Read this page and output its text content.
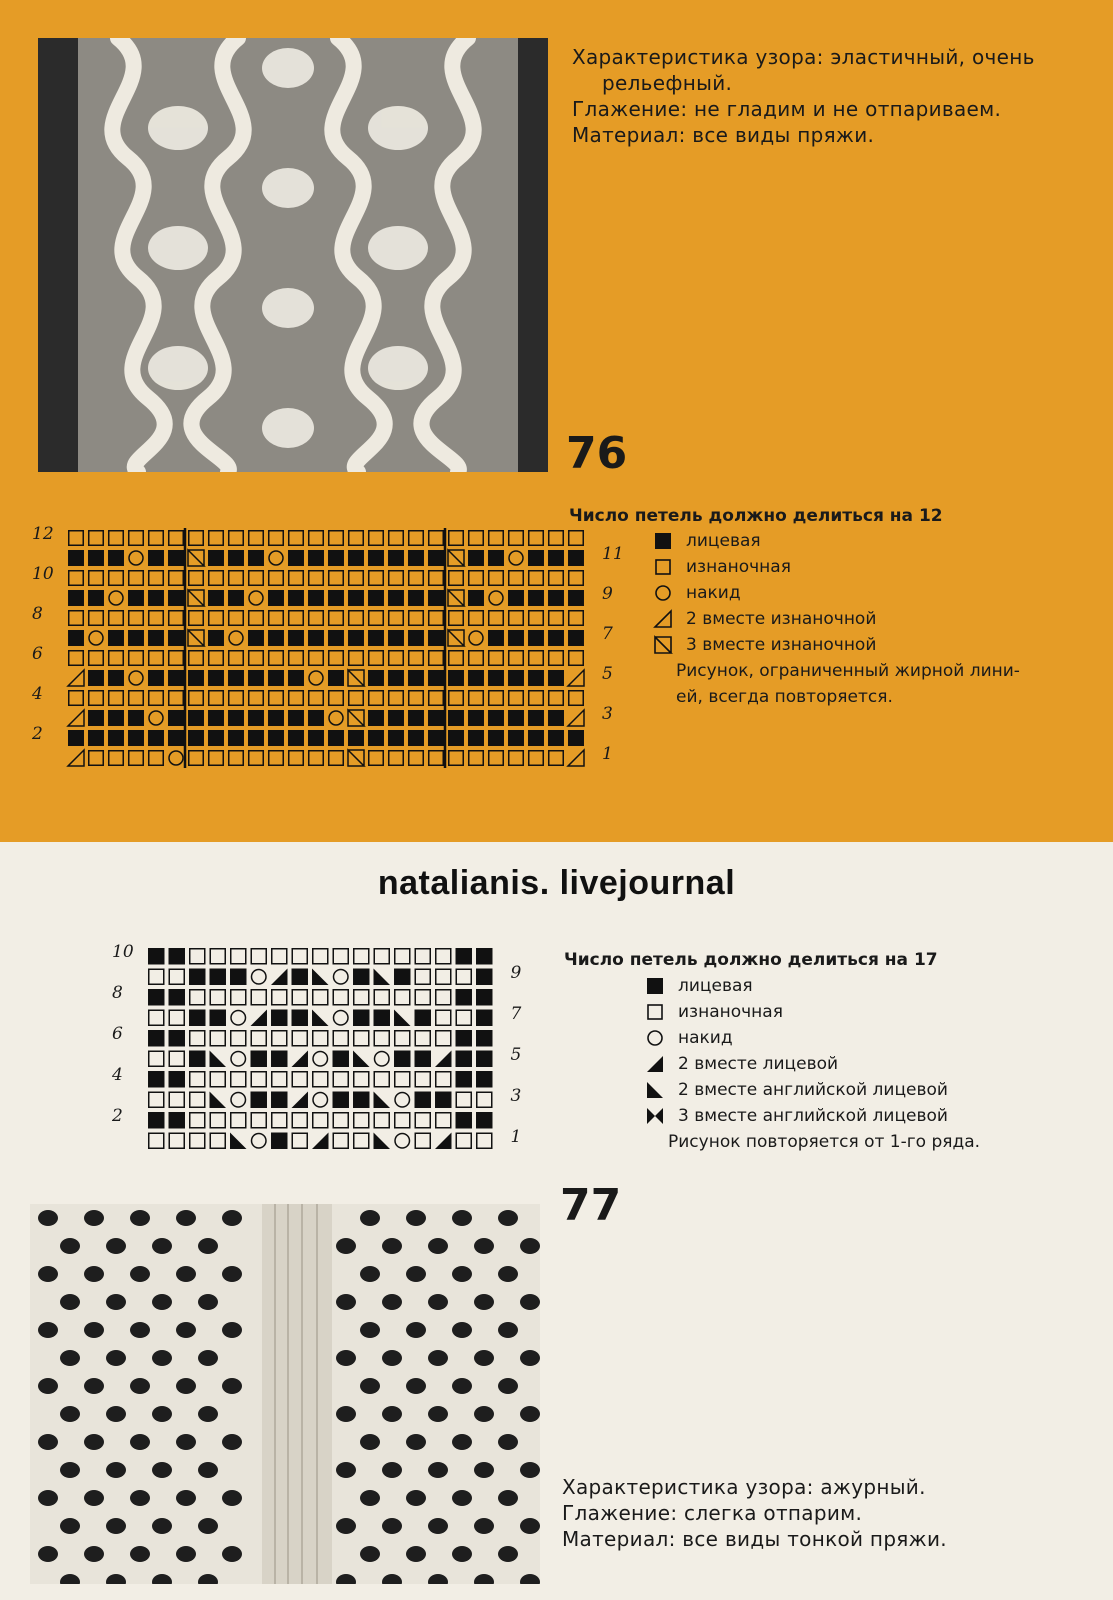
Характеристика узора: эластичный, очень
рельефный.
Глажение: не гладим и не отпариваем.
Материал: все виды пряжи.
76
Число петель должно делиться на 12
лицевая
изнаночная
накид
2 вместе изнаночной
3 вместе изнаночной
Рисунок, ограниченный жирной лини-
ей, всегда повторяется.
12
10
8
6
4
2
11
9
7
5
3
1
natalianis. livejournal
10
8
6
4
2
9
7
5
3
1
Число петель должно делиться на 17
лицевая
изнаночная
накид
2 вместе лицевой
2 вместе английской лицевой
3 вместе английской лицевой
Рисунок повторяется от 1-го ряда.
77
Характеристика узора: ажурный.
Глажение: слегка отпарим.
Материал: все виды тонкой пряжи.
